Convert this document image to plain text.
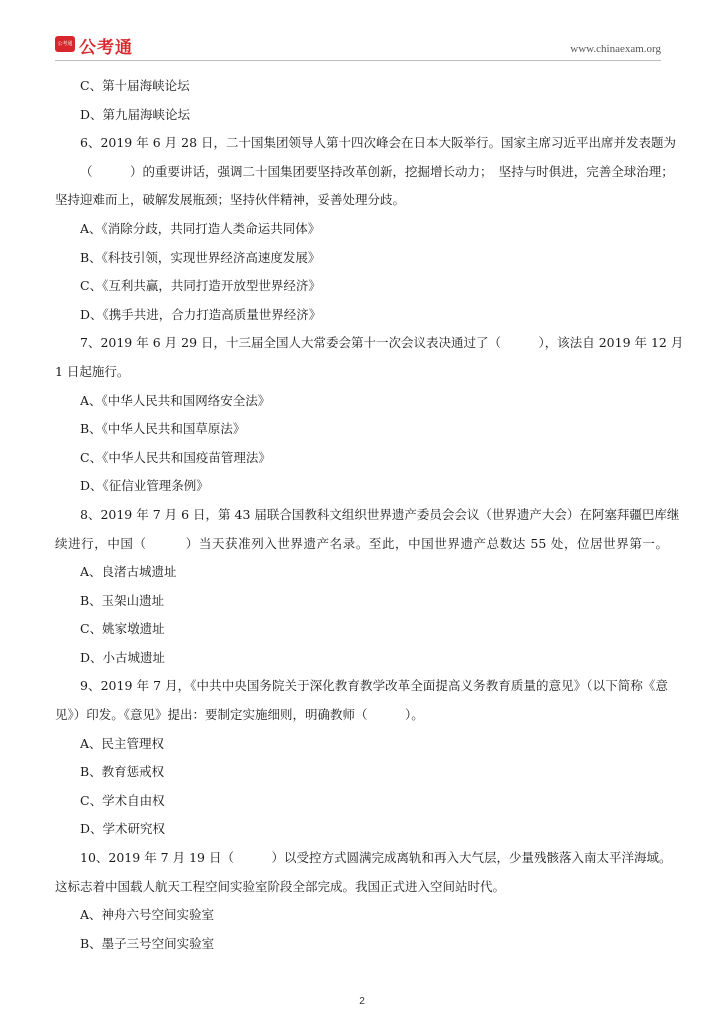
公考通 公考通	www.chinaexam.org
C、第十届海峡论坛
D、第九届海峡论坛
6、2019 年 6 月 28 日，二十国集团领导人第十四次峰会在日本大阪举行。国家主席习近平出席并发表题为
（　　　）的重要讲话，强调二十国集团要坚持改革创新，挖掘增长动力；　坚持与时俱进，完善全球治理；
坚持迎难而上，破解发展瓶颈；坚持伙伴精神，妥善处理分歧。
A、《消除分歧，共同打造人类命运共同体》
B、《科技引领，实现世界经济高速度发展》
C、《互利共赢，共同打造开放型世界经济》
D、《携手共进，合力打造高质量世界经济》
7、2019 年 6 月 29 日，十三届全国人大常委会第十一次会议表决通过了（　　　），该法自 2019 年 12 月
1 日起施行。
A、《中华人民共和国网络安全法》
B、《中华人民共和国草原法》
C、《中华人民共和国疫苗管理法》
D、《征信业管理条例》
8、2019 年 7 月 6 日，第 43 届联合国教科文组织世界遗产委员会会议（世界遗产大会）在阿塞拜疆巴库继
续进行，中国（　　　）当天获准列入世界遗产名录。至此，中国世界遗产总数达 55 处，位居世界第一。
A、良渚古城遗址
B、玉架山遗址
C、姚家墩遗址
D、小古城遗址
9、2019 年 7 月，《中共中央国务院关于深化教育教学改革全面提高义务教育质量的意见》（以下简称《意
见》）印发。《意见》提出：要制定实施细则，明确教师（　　　）。
A、民主管理权
B、教育惩戒权
C、学术自由权
D、学术研究权
10、2019 年 7 月 19 日（　　　）以受控方式圆满完成离轨和再入大气层，少量残骸落入南太平洋海域。
这标志着中国载人航天工程空间实验室阶段全部完成。我国正式进入空间站时代。
A、神舟六号空间实验室
B、墨子三号空间实验室
2
